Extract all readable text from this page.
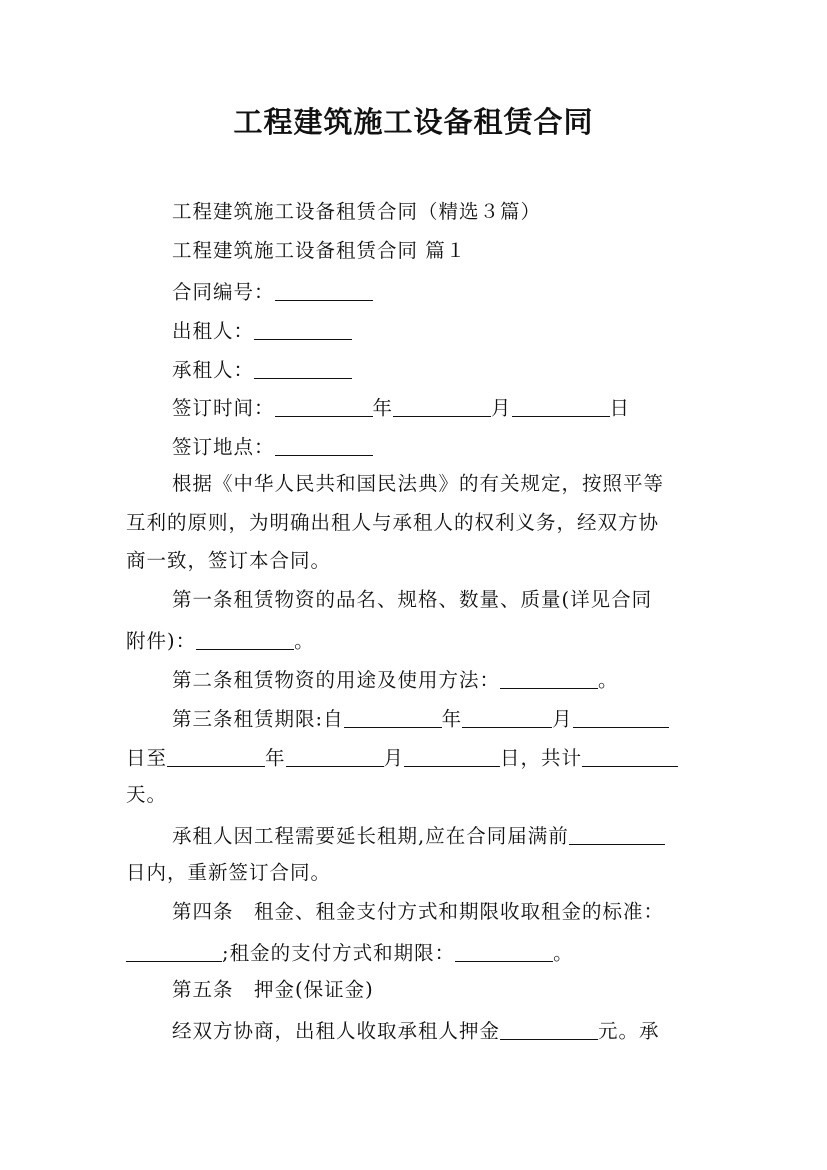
工程建筑施工设备租赁合同
工程建筑施工设备租赁合同（精选３篇）
工程建筑施工设备租赁合同 篇１
合同编号：
出租人：
承租人：
签订时间：	年	月	日
签订地点：
根据《中华人民共和国民法典》的有关规定，按照平等
互利的原则，为明确出租人与承租人的权利义务，经双方协
商一致，签订本合同。
第一条租赁物资的品名、规格、数量、质量(详见合同
附件)：	。
第二条租赁物资的用途及使用方法：	。
第三条租赁期限:自	年	月
日至	年	月	日，共计
天。
承租人因工程需要延长租期,应在合同届满前
日内，重新签订合同。
第四条　租金、租金支付方式和期限收取租金的标准：
;租金的支付方式和期限：	。
第五条　押金(保证金)
经双方协商，出租人收取承租人押金	元。承
